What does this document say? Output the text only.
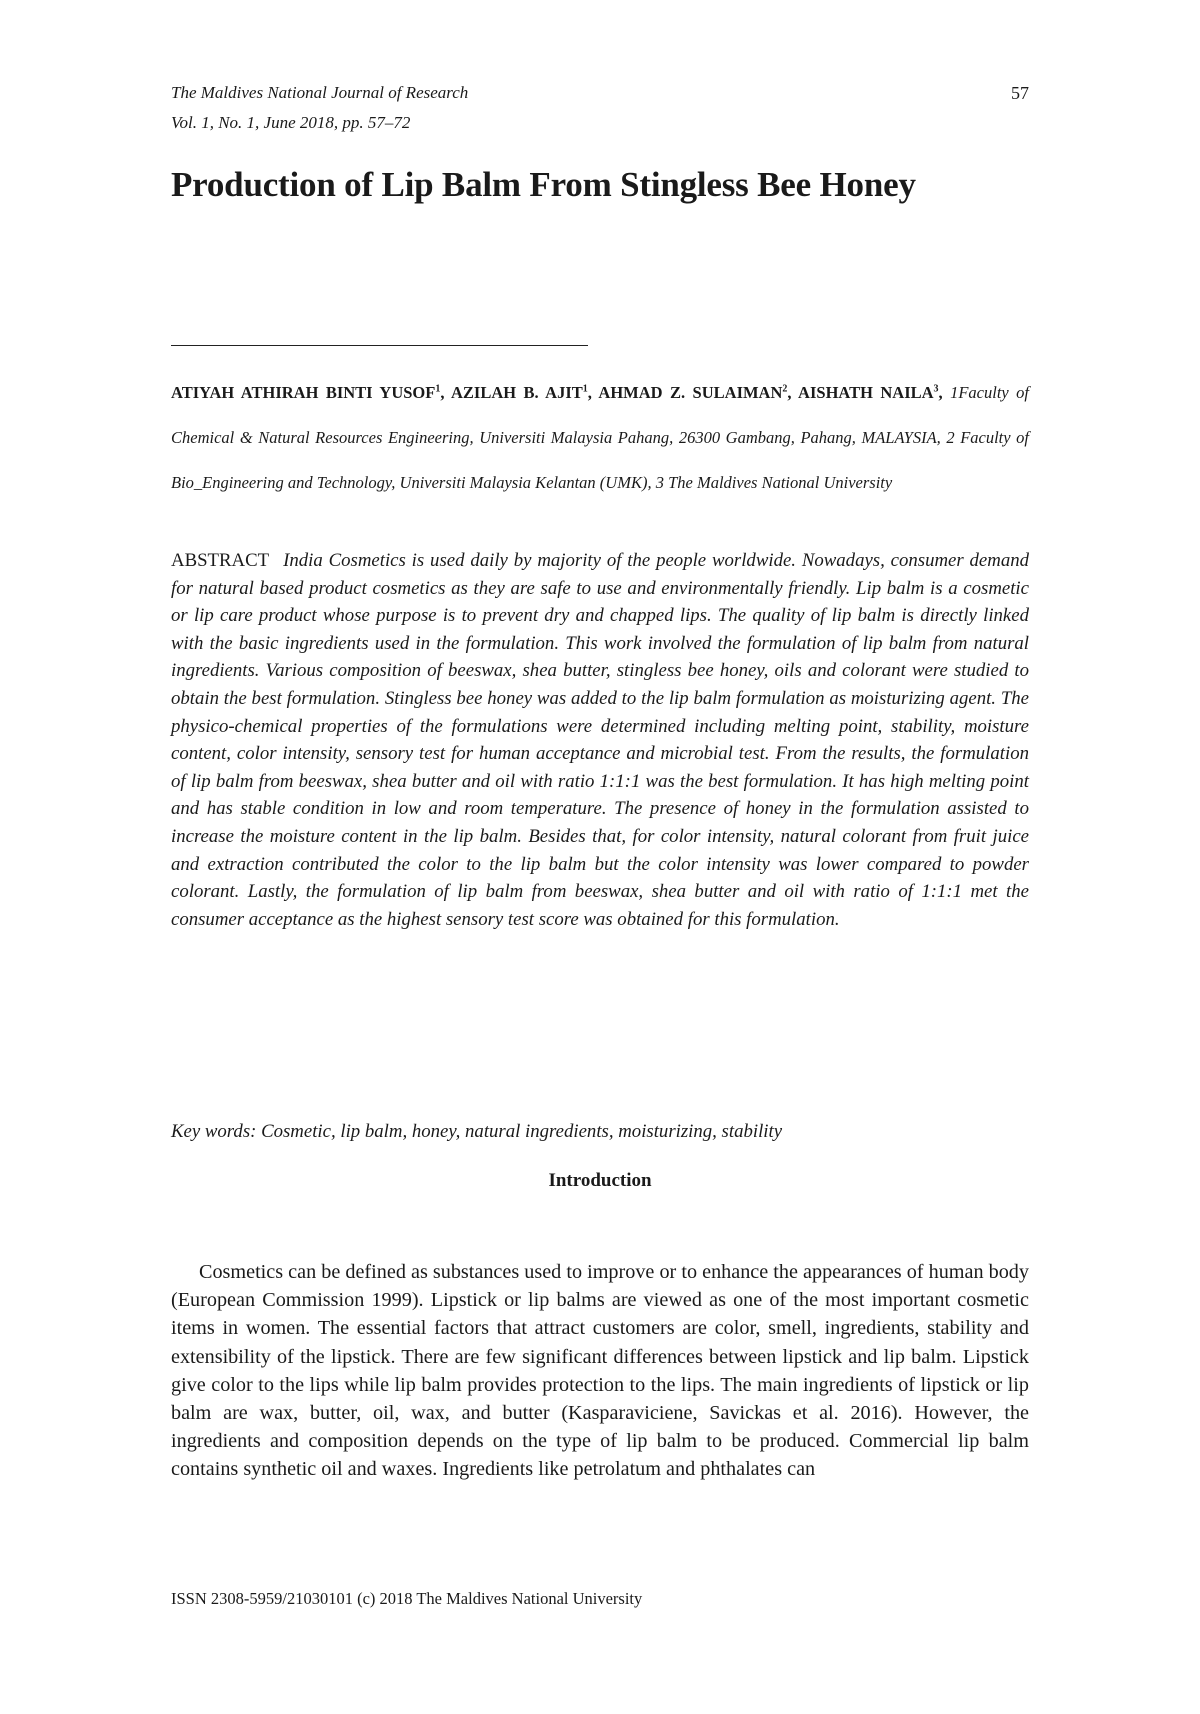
The Maldives National Journal of Research
Vol. 1, No. 1, June 2018, pp. 57–72
57
Production of Lip Balm From Stingless Bee Honey
ATIYAH ATHIRAH BINTI YUSOF$^1$, AZILAH B. AJIT$^1$, AHMAD Z. SULAIMAN$^2$, AISHATH NAILA$^3$, 1Faculty of Chemical & Natural Resources Engineering, Universiti Malaysia Pahang, 26300 Gambang, Pahang, MALAYSIA, 2 Faculty of Bio_Engineering and Technology, Universiti Malaysia Kelantan (UMK), 3 The Maldives National University

ABSTRACT India Cosmetics is used daily by majority of the people worldwide. Nowadays, consumer demand for natural based product cosmetics as they are safe to use and environmentally friendly. Lip balm is a cosmetic or lip care product whose purpose is to prevent dry and chapped lips. The quality of lip balm is directly linked with the basic ingredients used in the formulation. This work involved the formulation of lip balm from natural ingredients. Various composition of beeswax, shea butter, stingless bee honey, oils and colorant were studied to obtain the best formulation. Stingless bee honey was added to the lip balm formulation as moisturizing agent. The physico-chemical properties of the formulations were determined including melting point, stability, moisture content, color intensity, sensory test for human acceptance and microbial test. From the results, the formulation of lip balm from beeswax, shea butter and oil with ratio 1:1:1 was the best formulation. It has high melting point and has stable condition in low and room temperature. The presence of honey in the formulation assisted to increase the moisture content in the lip balm. Besides that, for color intensity, natural colorant from fruit juice and extraction contributed the color to the lip balm but the color intensity was lower compared to powder colorant. Lastly, the formulation of lip balm from beeswax, shea butter and oil with ratio of 1:1:1 met the consumer acceptance as the highest sensory test score was obtained for this formulation.

Key words: Cosmetic, lip balm, honey, natural ingredients, moisturizing, stability
Introduction

Cosmetics can be defined as substances used to improve or to enhance the appearances of human body (European Commission 1999). Lipstick or lip balms are viewed as one of the most important cosmetic items in women. The essential factors that attract customers are color, smell, ingredients, stability and extensibility of the lipstick. There are few significant differences between lipstick and lip balm. Lipstick give color to the lips while lip balm provides protection to the lips. The main ingredients of lipstick or lip balm are wax, butter, oil, wax, and butter (Kasparaviciene, Savickas et al. 2016). However, the ingredients and composition depends on the type of lip balm to be produced. Commercial lip balm contains synthetic oil and waxes. Ingredients like petrolatum and phthalates can

ISSN 2308-5959/21030101 (c) 2018 The Maldives National University
